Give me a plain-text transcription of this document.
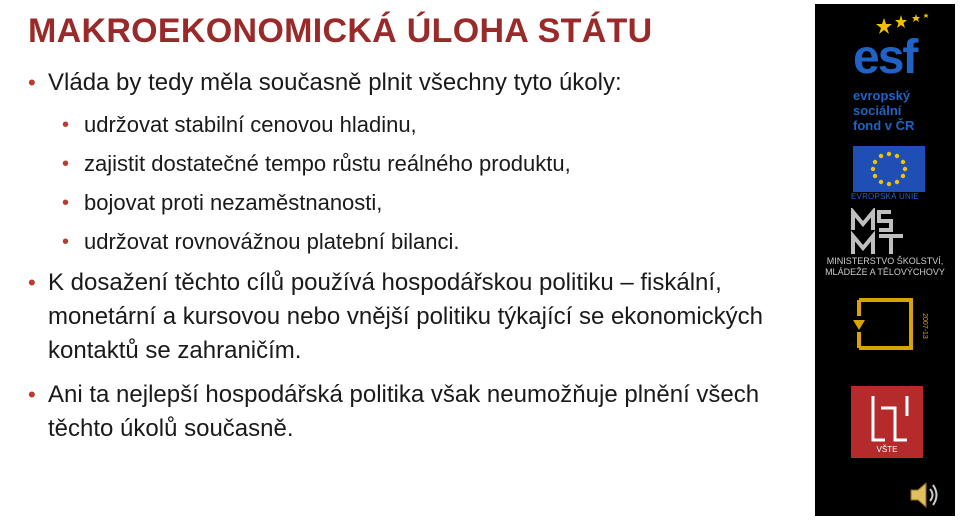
MAKROEKONOMICKÁ ÚLOHA STÁTU
• Vláda by tedy měla současně plnit všechny tyto úkoly:
• udržovat stabilní cenovou hladinu,
• zajistit dostatečné tempo růstu reálného produktu,
• bojovat proti nezaměstnanosti,
• udržovat rovnovážnou platební bilanci.
• K dosažení těchto cílů používá hospodářskou politiku – fiskální, monetární a kursovou nebo vnější politiku týkající se ekonomických kontaktů se zahraničím.
• Ani ta nejlepší hospodářská politika však neumožňuje plnění všech těchto úkolů současně.
esf
evropský
sociální
fond v ČR
EVROPSKÁ UNIE
MINISTERSTVO ŠKOLSTVÍ,
MLÁDEŽE A TĚLOVÝCHOVY
2007-13
VŠTE
